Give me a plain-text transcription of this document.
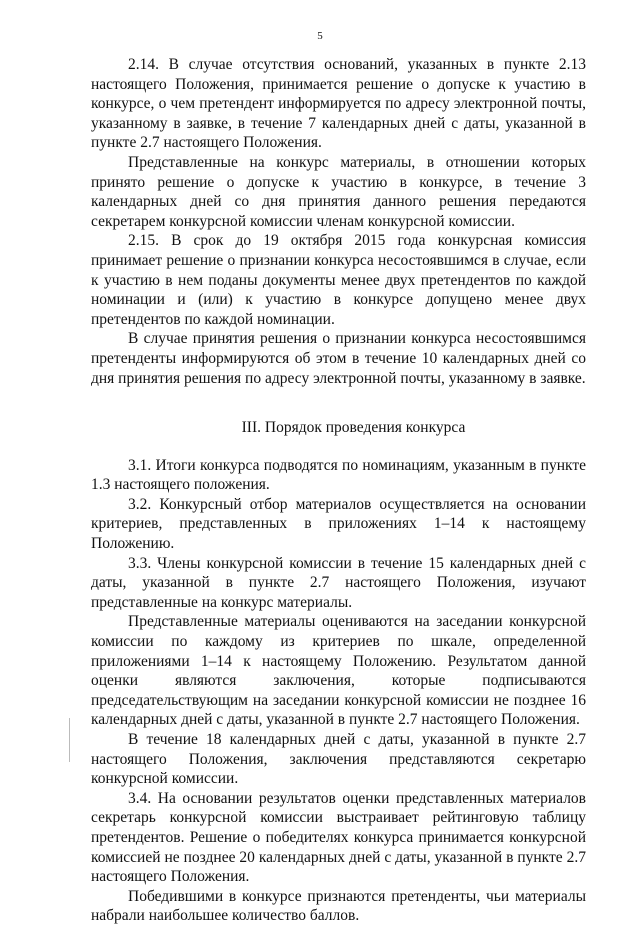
5

2.14. В случае отсутствия оснований, указанных в пункте 2.13 настоящего Положения, принимается решение о допуске к участию в конкурсе, о чем претендент информируется по адресу электронной почты, указанному в заявке, в течение 7 календарных дней с даты, указанной в пункте 2.7 настоящего Положения.

Представленные на конкурс материалы, в отношении которых принято решение о допуске к участию в конкурсе, в течение 3 календарных дней со дня принятия данного решения передаются секретарем конкурсной комиссии членам конкурсной комиссии.

2.15. В срок до 19 октября 2015 года конкурсная комиссия принимает решение о признании конкурса несостоявшимся в случае, если к участию в нем поданы документы менее двух претендентов по каждой номинации и (или) к участию в конкурсе допущено менее двух претендентов по каждой номинации.

В случае принятия решения о признании конкурса несостоявшимся претенденты информируются об этом в течение 10 календарных дней со дня принятия решения по адресу электронной почты, указанному в заявке.

III. Порядок проведения конкурса

3.1. Итоги конкурса подводятся по номинациям, указанным в пункте 1.3 настоящего положения.

3.2. Конкурсный отбор материалов осуществляется на основании критериев, представленных в приложениях 1–14 к настоящему Положению.

3.3. Члены конкурсной комиссии в течение 15 календарных дней с даты, указанной в пункте 2.7 настоящего Положения, изучают представленные на конкурс материалы.

Представленные материалы оцениваются на заседании конкурсной комиссии по каждому из критериев по шкале, определенной приложениями 1–14 к настоящему Положению. Результатом данной оценки являются заключения, которые подписываются председательствующим на заседании конкурсной комиссии не позднее 16 календарных дней с даты, указанной в пункте 2.7 настоящего Положения.

В течение 18 календарных дней с даты, указанной в пункте 2.7 настоящего Положения, заключения представляются секретарю конкурсной комиссии.

3.4. На основании результатов оценки представленных материалов секретарь конкурсной комиссии выстраивает рейтинговую таблицу претендентов. Решение о победителях конкурса принимается конкурсной комиссией не позднее 20 календарных дней с даты, указанной в пункте 2.7 настоящего Положения.

Победившими в конкурсе признаются претенденты, чьи материалы набрали наибольшее количество баллов.
